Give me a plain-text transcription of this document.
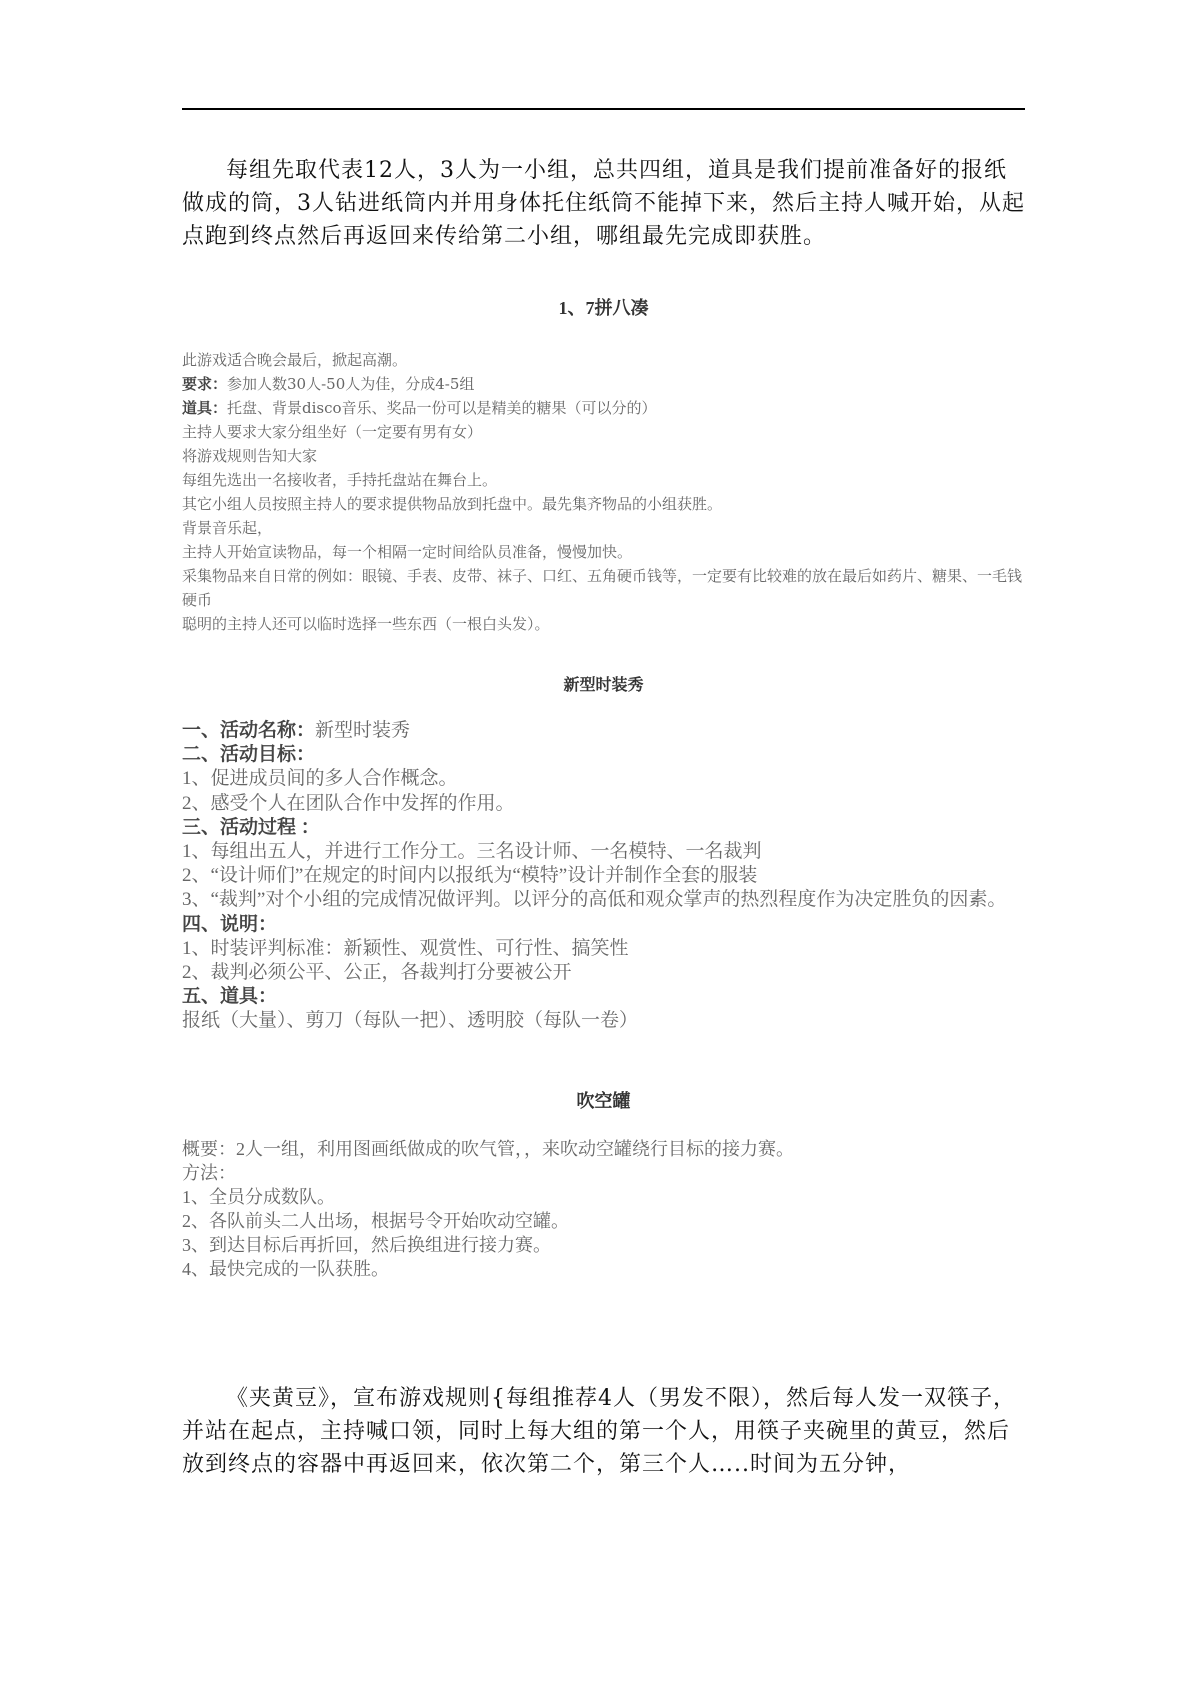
每组先取代表12人，3人为一小组，总共四组，道具是我们提前准备好的报纸做成的筒，3人钻进纸筒内并用身体托住纸筒不能掉下来，然后主持人喊开始，从起点跑到终点然后再返回来传给第二小组，哪组最先完成即获胜。

1、7拼八凑
此游戏适合晚会最后，掀起高潮。
要求：参加人数30人-50人为佳，分成4-5组
道具：托盘、背景disco音乐、奖品一份可以是精美的糖果（可以分的）
主持人要求大家分组坐好（一定要有男有女）
将游戏规则告知大家
每组先选出一名接收者，手持托盘站在舞台上。
其它小组人员按照主持人的要求提供物品放到托盘中。最先集齐物品的小组获胜。
背景音乐起，
主持人开始宣读物品，每一个相隔一定时间给队员准备，慢慢加快。
采集物品来自日常的例如：眼镜、手表、皮带、袜子、口红、五角硬币钱等，一定要有比较难的放在最后如药片、糖果、一毛钱硬币
聪明的主持人还可以临时选择一些东西（一根白头发）。
新型时装秀
一、活动名称：新型时装秀
二、活动目标：
1、促进成员间的多人合作概念。
2、感受个人在团队合作中发挥的作用。
三、活动过程 ：
1、每组出五人，并进行工作分工。三名设计师、一名模特、一名裁判
2、“设计师们”在规定的时间内以报纸为“模特”设计并制作全套的服装
3、“裁判”对个小组的完成情况做评判。以评分的高低和观众掌声的热烈程度作为决定胜负的因素。
四、说明：
1、时装评判标准：新颖性、观赏性、可行性、搞笑性
2、裁判必须公平、公正，各裁判打分要被公开
五、道具：
报纸（大量）、剪刀（每队一把）、透明胶（每队一卷）
吹空罐
概要：2人一组，利用图画纸做成的吹气管，，来吹动空罐绕行目标的接力赛。
方法：
1、全员分成数队。
2、各队前头二人出场，根据号令开始吹动空罐。
3、到达目标后再折回，然后换组进行接力赛。
4、最快完成的一队获胜。

《夹黄豆》，宣布游戏规则{每组推荐4人（男发不限），然后每人发一双筷子，并站在起点，主持喊口领，同时上每大组的第一个人，用筷子夹碗里的黄豆，然后放到终点的容器中再返回来，依次第二个，第三个人…..时间为五分钟，
